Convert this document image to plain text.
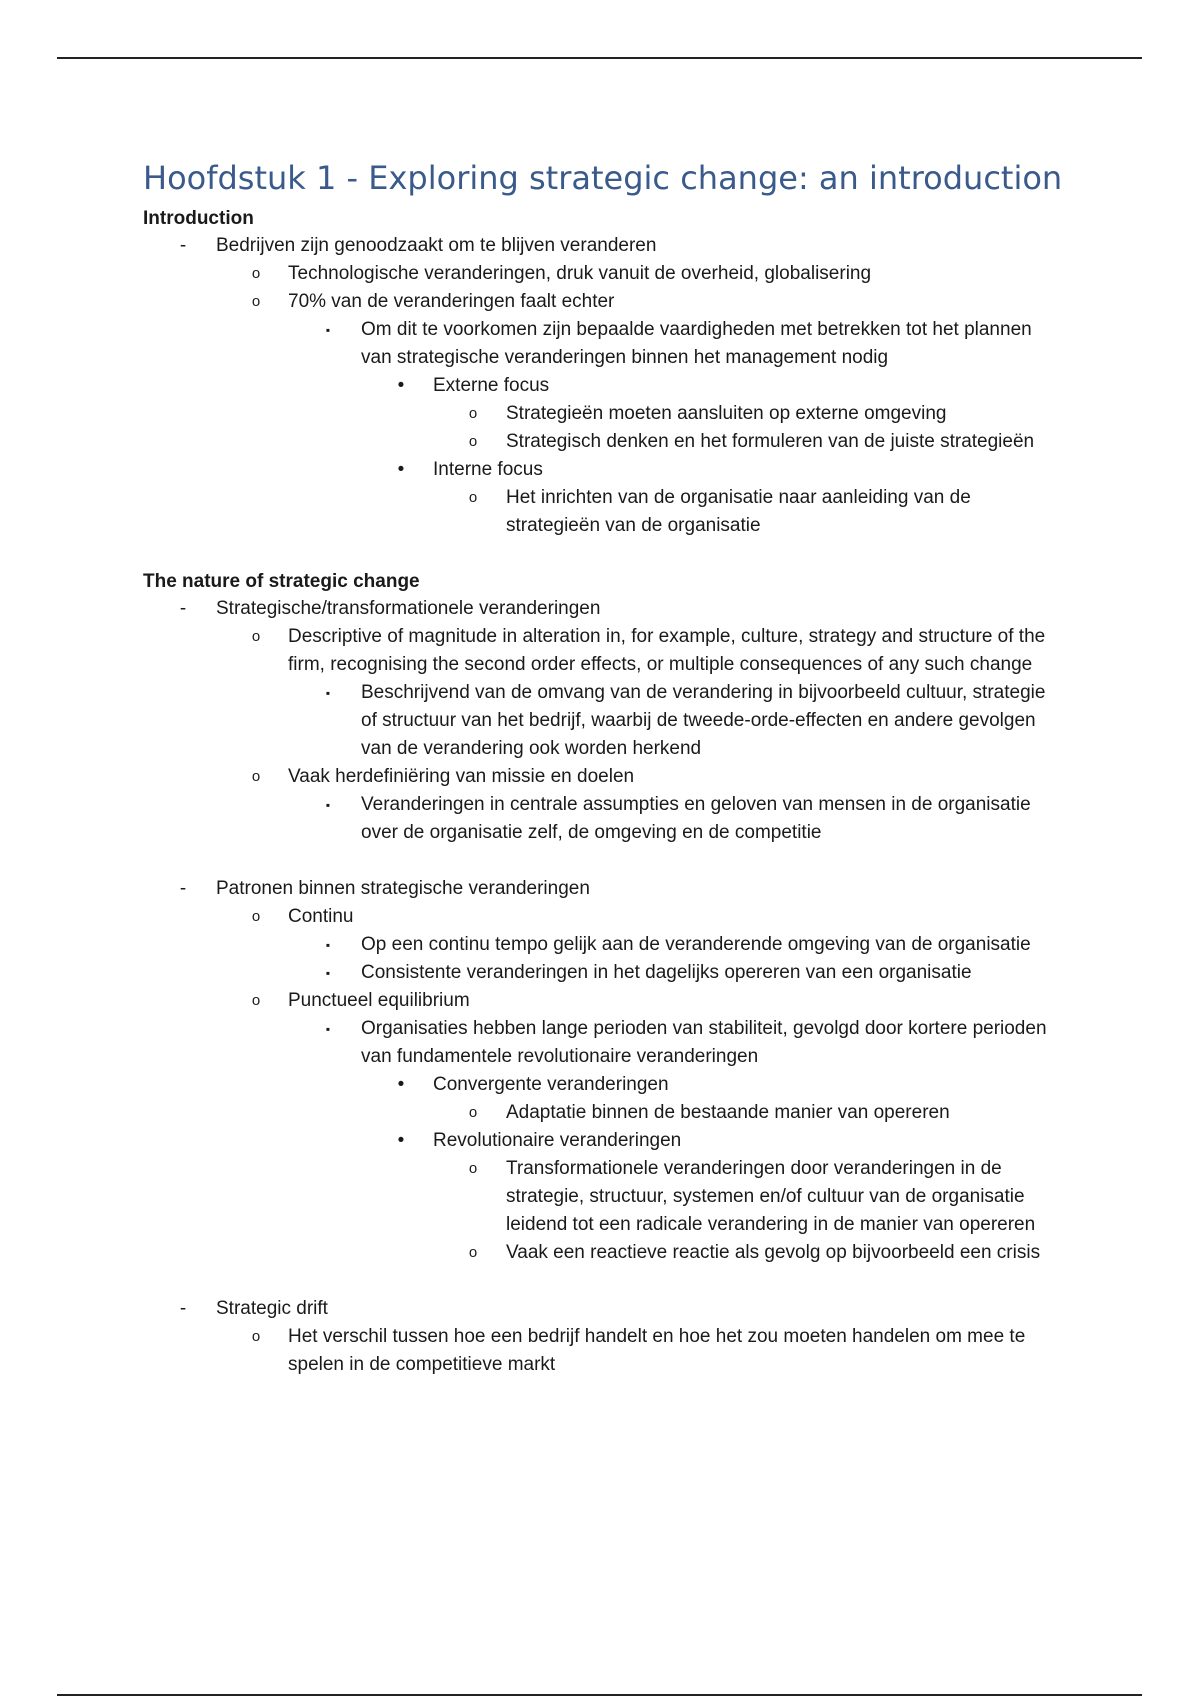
Hoofdstuk 1 - Exploring strategic change: an introduction
Introduction
-	Bedrijven zijn genoodzaakt om te blijven veranderen
o	Technologische veranderingen, druk vanuit de overheid, globalisering
o	70% van de veranderingen faalt echter
▪	Om dit te voorkomen zijn bepaalde vaardigheden met betrekken tot het plannen van strategische veranderingen binnen het management nodig
•	Externe focus
o	Strategieën moeten aansluiten op externe omgeving
o	Strategisch denken en het formuleren van de juiste strategieën
•	Interne focus
o	Het inrichten van de organisatie naar aanleiding van de strategieën van de organisatie
The nature of strategic change
-	Strategische/transformationele veranderingen
o	Descriptive of magnitude in alteration in, for example, culture, strategy and structure of the firm, recognising the second order effects, or multiple consequences of any such change
▪	Beschrijvend van de omvang van de verandering in bijvoorbeeld cultuur, strategie of structuur van het bedrijf, waarbij de tweede-orde-effecten en andere gevolgen van de verandering ook worden herkend
o	Vaak herdefiniëring van missie en doelen
▪	Veranderingen in centrale assumpties en geloven van mensen in de organisatie over de organisatie zelf, de omgeving en de competitie
-	Patronen binnen strategische veranderingen
o	Continu
▪	Op een continu tempo gelijk aan de veranderende omgeving van de organisatie
▪	Consistente veranderingen in het dagelijks opereren van een organisatie
o	Punctueel equilibrium
▪	Organisaties hebben lange perioden van stabiliteit, gevolgd door kortere perioden van fundamentele revolutionaire veranderingen
•	Convergente veranderingen
o	Adaptatie binnen de bestaande manier van opereren
•	Revolutionaire veranderingen
o	Transformationele veranderingen door veranderingen in de strategie, structuur, systemen en/of cultuur van de organisatie leidend tot een radicale verandering in de manier van opereren
o	Vaak een reactieve reactie als gevolg op bijvoorbeeld een crisis
-	Strategic drift
o	Het verschil tussen hoe een bedrijf handelt en hoe het zou moeten handelen om mee te spelen in de competitieve markt
